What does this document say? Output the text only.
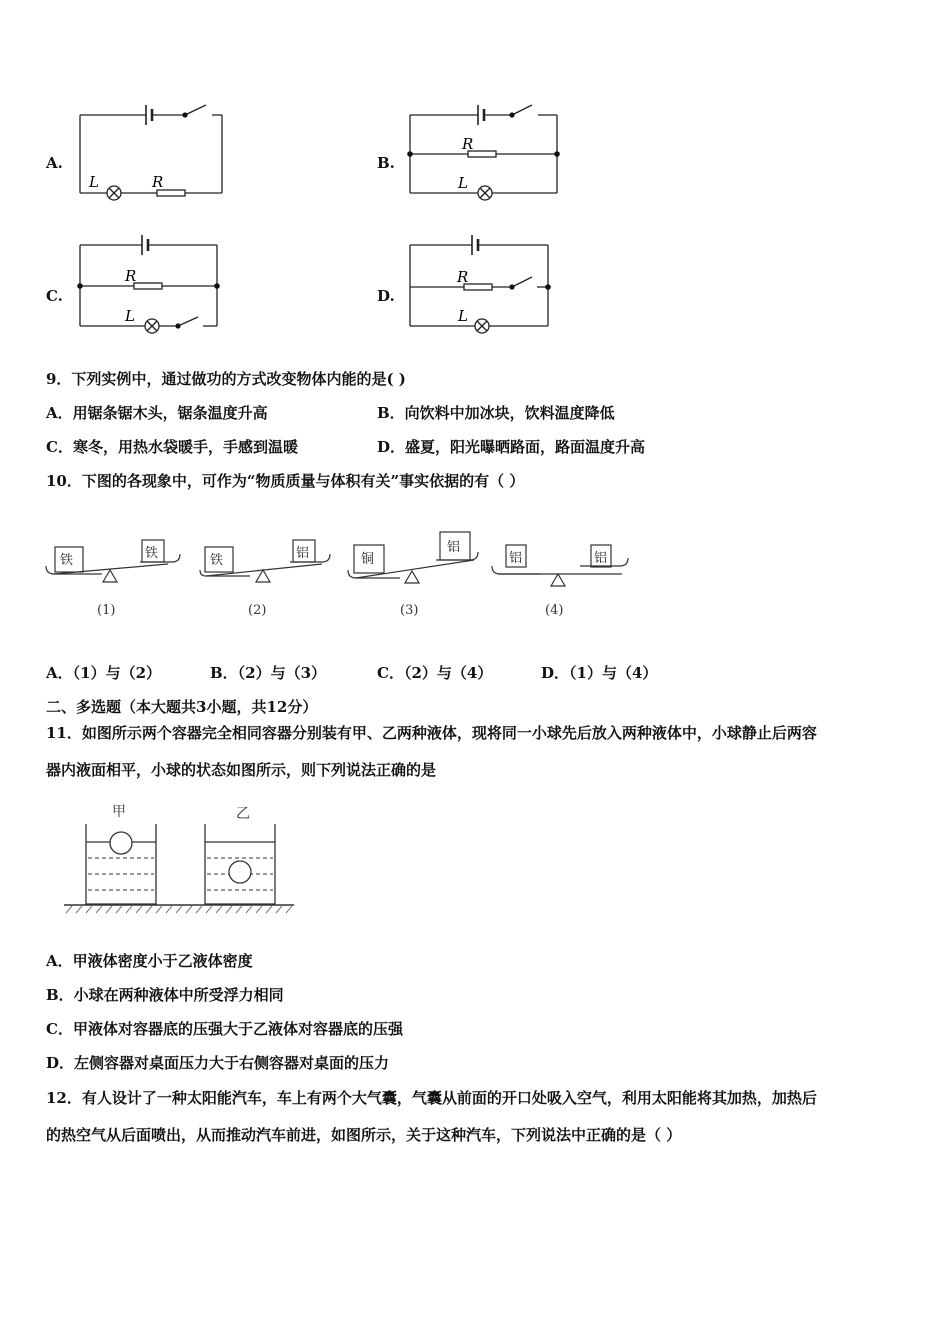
A.
L	R
B.
R
L
C.
R
L
D.
R
L
9．下列实例中，通过做功的方式改变物体内能的是( )
A．用锯条锯木头，锯条温度升高	B．向饮料中加冰块，饮料温度降低
C．寒冬，用热水袋暖手，手感到温暖	D．盛夏，阳光曝晒路面，路面温度升高
10．下图的各现象中，可作为“物质质量与体积有关”事实依据的有（ ）
铁	铁	铁	铝	铜
铝
铝	铝
(1)	(2)	(3)	(4)
A．（1）与（2）	B．（2）与（3）	C．（2）与（4）	D．（1）与（4）
二、多选题（本大题共3小题，共12分）
11．如图所示两个容器完全相同容器分别装有甲、乙两种液体，现将同一小球先后放入两种液体中，小球静止后两容
器内液面相平，小球的状态如图所示，则下列说法正确的是
甲	乙
A．甲液体密度小于乙液体密度
B．小球在两种液体中所受浮力相同
C．甲液体对容器底的压强大于乙液体对容器底的压强
D．左侧容器对桌面压力大于右侧容器对桌面的压力
12．有人设计了一种太阳能汽车，车上有两个大气囊，气囊从前面的开口处吸入空气，利用太阳能将其加热，加热后
的热空气从后面喷出，从而推动汽车前进，如图所示，关于这种汽车，下列说法中正确的是（ ）
